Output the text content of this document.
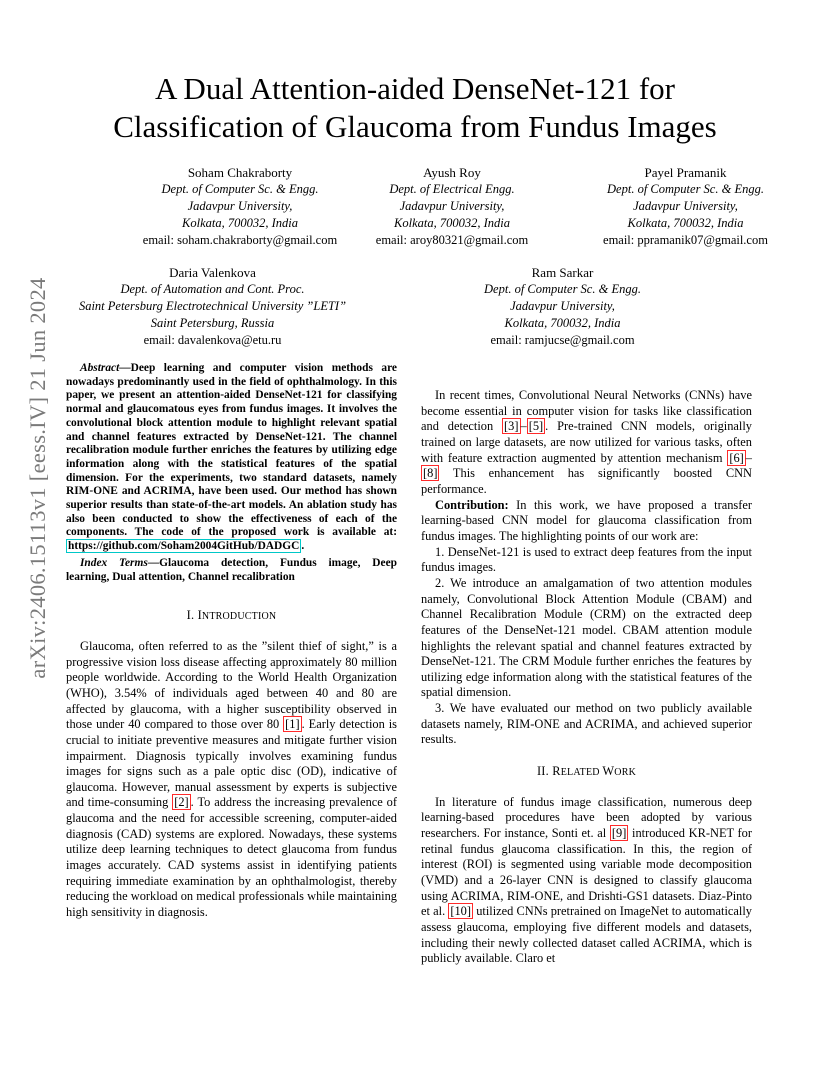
arXiv:2406.15113v1 [eess.IV] 21 Jun 2024
A Dual Attention-aided DenseNet-121 for
Classification of Glaucoma from Fundus Images
Soham Chakraborty
Dept. of Computer Sc. & Engg.
Jadavpur University,
Kolkata, 700032, India
email: soham.chakraborty@gmail.com
Ayush Roy
Dept. of Electrical Engg.
Jadavpur University,
Kolkata, 700032, India
email: aroy80321@gmail.com
Payel Pramanik
Dept. of Computer Sc. & Engg.
Jadavpur University,
Kolkata, 700032, India
email: ppramanik07@gmail.com
Daria Valenkova
Dept. of Automation and Cont. Proc.
Saint Petersburg Electrotechnical University ”LETI”
Saint Petersburg, Russia
email: davalenkova@etu.ru
Ram Sarkar
Dept. of Computer Sc. & Engg.
Jadavpur University,
Kolkata, 700032, India
email: ramjucse@gmail.com

Abstract—Deep learning and computer vision methods are nowadays predominantly used in the field of ophthalmology. In this paper, we present an attention-aided DenseNet-121 for classifying normal and glaucomatous eyes from fundus images. It involves the convolutional block attention module to highlight relevant spatial and channel features extracted by DenseNet-121. The channel recalibration module further enriches the features by utilizing edge information along with the statistical features of the spatial dimension. For the experiments, two standard datasets, namely RIM-ONE and ACRIMA, have been used. Our method has shown superior results than state-of-the-art models. An ablation study has also been conducted to show the effectiveness of each of the components. The code of the proposed work is available at: https://github.com/Soham2004GitHub/DADGC .

Index Terms—Glaucoma detection, Fundus image, Deep learning, Dual attention, Channel recalibration

I. INTRODUCTION

Glaucoma, often referred to as the ”silent thief of sight,” is a progressive vision loss disease affecting approximately 80 million people worldwide. According to the World Health Organization (WHO), 3.54% of individuals aged between 40 and 80 are affected by glaucoma, with a higher susceptibility observed in those under 40 compared to those over 80 [1] . Early detection is crucial to initiate preventive measures and mitigate further vision impairment. Diagnosis typically involves examining fundus images for signs such as a pale optic disc (OD), indicative of glaucoma. However, manual assessment by experts is subjective and time-consuming [2] . To address the increasing prevalence of glaucoma and the need for accessible screening, computer-aided diagnosis (CAD) systems are explored. Nowadays, these systems utilize deep learning techniques to detect glaucoma from fundus images accurately. CAD systems assist in identifying patients requiring immediate examination by an ophthalmologist, thereby reducing the workload on medical professionals while maintaining high sensitivity in diagnosis.

In recent times, Convolutional Neural Networks (CNNs) have become essential in computer vision for tasks like classification and detection [3] – [5] . Pre-trained CNN models, originally trained on large datasets, are now utilized for various tasks, often with feature extraction augmented by attention mechanism [6] –[8] This enhancement has significantly boosted CNN performance.

Contribution: In this work, we have proposed a transfer learning-based CNN model for glaucoma classification from fundus images. The highlighting points of our work are:

1. DenseNet-121 is used to extract deep features from the input fundus images.

2. We introduce an amalgamation of two attention modules namely, Convolutional Block Attention Module (CBAM) and Channel Recalibration Module (CRM) on the extracted deep features of the DenseNet-121 model. CBAM attention module highlights the relevant spatial and channel features extracted by DenseNet-121. The CRM Module further enriches the features by utilizing edge information along with the statistical features of the spatial dimension.

3. We have evaluated our method on two publicly available datasets namely, RIM-ONE and ACRIMA, and achieved superior results.

II. RELATED WORK

In literature of fundus image classification, numerous deep learning-based procedures have been adopted by various researchers. For instance, Sonti et. al [9] introduced KR-NET for retinal fundus glaucoma classification. In this, the region of interest (ROI) is segmented using variable mode decomposition (VMD) and a 26-layer CNN is designed to classify glaucoma using ACRIMA, RIM-ONE, and Drishti-GS1 datasets. Diaz-Pinto et al. [10] utilized CNNs pretrained on ImageNet to automatically assess glaucoma, employing five different models and datasets, including their newly collected dataset called ACRIMA, which is publicly available. Claro et
